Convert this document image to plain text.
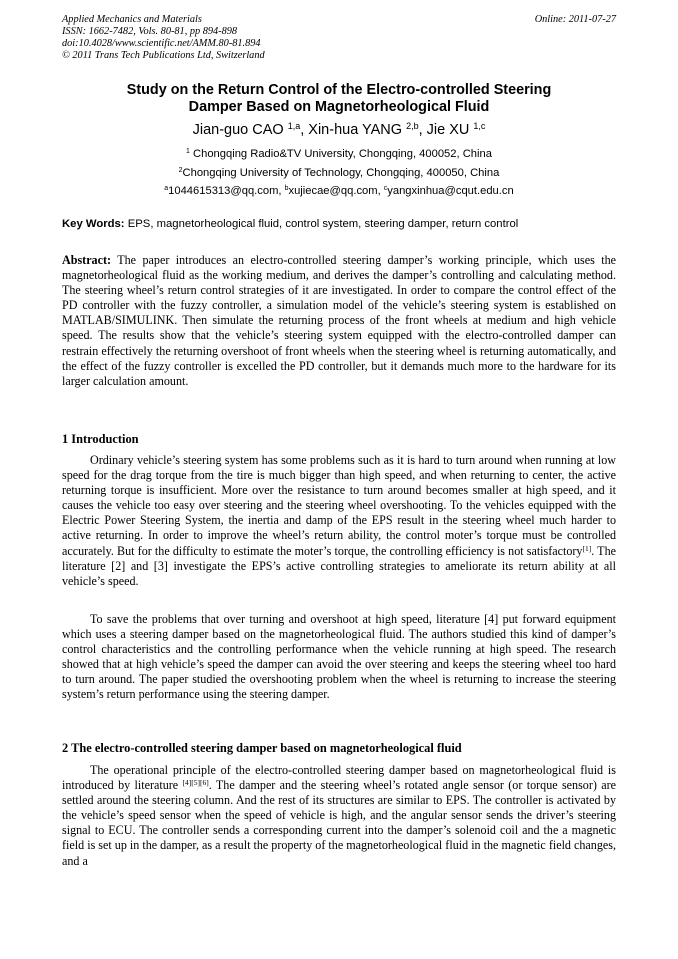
Applied Mechanics and Materials
ISSN: 1662-7482, Vols. 80-81, pp 894-898
doi:10.4028/www.scientific.net/AMM.80-81.894
© 2011 Trans Tech Publications Ltd, Switzerland
Online: 2011-07-27
Study on the Return Control of the Electro-controlled Steering
Damper Based on Magnetorheological Fluid
Jian-guo CAO $^{1,a}$, Xin-hua YANG $^{2,b}$, Jie XU $^{1,c}$
$^1$ Chongqing Radio&TV University, Chongqing, 400052, China
$^2$Chongqing University of Technology, Chongqing, 400050, China
$^a$1044615313@qq.com, $^b$xujiecae@qq.com, $^c$yangxinhua@cqut.edu.cn
Key Words: EPS, magnetorheological fluid, control system, steering damper, return control
Abstract: The paper introduces an electro-controlled steering damper’s working principle, which uses the magnetorheological fluid as the working medium, and derives the damper’s controlling and calculating method. The steering wheel’s return control strategies of it are investigated. In order to compare the control effect of the PD controller with the fuzzy controller, a simulation model of the vehicle’s steering system is established on MATLAB/SIMULINK. Then simulate the returning process of the front wheels at medium and high vehicle speed. The results show that the vehicle’s steering system equipped with the electro-controlled damper can restrain effectively the returning overshoot of front wheels when the steering wheel is returning automatically, and the effect of the fuzzy controller is excelled the PD controller, but it demands much more to the hardware for its larger calculation amount.
1 Introduction
Ordinary vehicle’s steering system has some problems such as it is hard to turn around when running at low speed for the drag torque from the tire is much bigger than high speed, and when returning to center, the active returning torque is insufficient. More over the resistance to turn around becomes smaller at high speed, and it causes the vehicle too easy over steering and the steering wheel overshooting. To the vehicles equipped with the Electric Power Steering System, the inertia and damp of the EPS result in the steering wheel much harder to active returning. In order to improve the wheel’s return ability, the control moter’s torque must be controlled accurately. But for the difficulty to estimate the moter’s torque, the controlling efficiency is not satisfactory[1]. The literature [2] and [3] investigate the EPS’s active controlling strategies to ameliorate its return ability at all vehicle’s speed.
To save the problems that over turning and overshoot at high speed, literature [4] put forward equipment which uses a steering damper based on the magnetorheological fluid. The authors studied this kind of damper’s control characteristics and the controlling performance when the vehicle running at high speed. The research showed that at high vehicle’s speed the damper can avoid the over steering and keeps the steering wheel too hard to turn around. The paper studied the overshooting problem when the wheel is returning to increase the steering system’s return performance using the steering damper.
2 The electro-controlled steering damper based on magnetorheological fluid
The operational principle of the electro-controlled steering damper based on magnetorheological fluid is introduced by literature [4][5][6]. The damper and the steering wheel’s rotated angle sensor (or torque sensor) are settled around the steering column. And the rest of its structures are similar to EPS. The controller is activated by the vehicle’s speed sensor when the speed of vehicle is high, and the angular sensor sends the driver’s steering signal to ECU. The controller sends a corresponding current into the damper’s solenoid coil and the a magnetic field is set up in the damper, as a result the property of the magnetorheological fluid in the magnetic field changes, and a
